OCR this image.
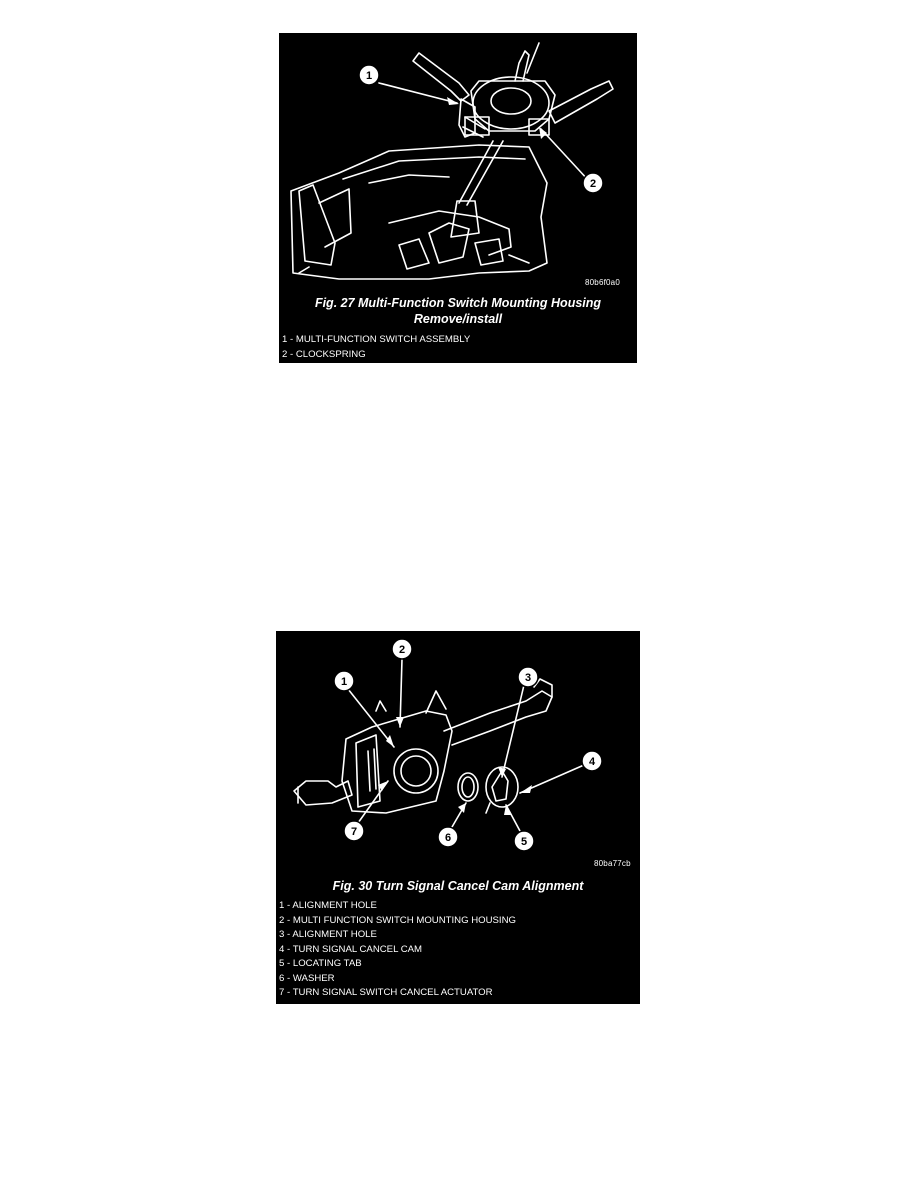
1
2
80b6f0a0
Fig. 27 Multi-Function Switch Mounting Housing
Remove/install
1 - MULTI-FUNCTION SWITCH ASSEMBLY
2 - CLOCKSPRING
1
2
3
4
5
6
7
80ba77cb
Fig. 30 Turn Signal Cancel Cam Alignment
1 - ALIGNMENT HOLE
2 - MULTI FUNCTION SWITCH MOUNTING HOUSING
3 - ALIGNMENT HOLE
4 - TURN SIGNAL CANCEL CAM
5 - LOCATING TAB
6 - WASHER
7 - TURN SIGNAL SWITCH CANCEL ACTUATOR
